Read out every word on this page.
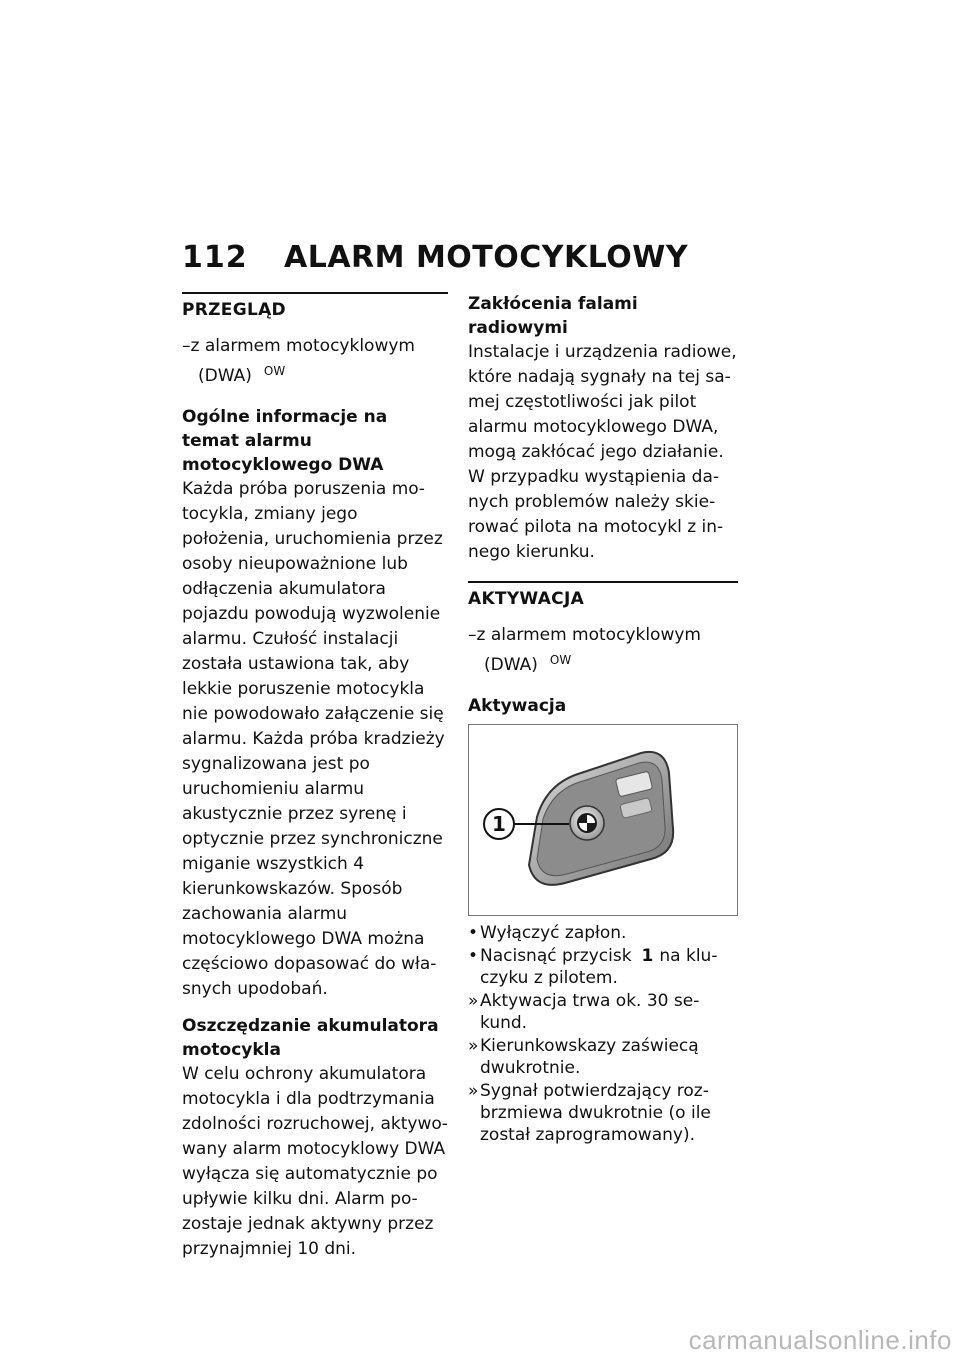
112 ALARM MOTOCYKLOWY
PRZEGLĄD

–z alarmem motocyklowym (DWA) $^{OW}$

Ogólne informacje na temat alarmu motocyklowego DWA

Każda próba poruszenia motocykla, zmiany jego położenia, uruchomienia przez osoby nieupoważnione lub odłączenia akumulatora pojazdu powodują wyzwolenie alarmu. Czułość instalacji została ustawiona tak, aby lekkie poruszenie motocykla nie powodowało załączenie się alarmu. Każda próba kradzieży sygnalizowana jest po uruchomieniu alarmu akustycznie przez syrenę i optycznie przez synchroniczne miganie wszystkich 4 kierunkowskazów. Sposób zachowania alarmu motocyklowego DWA można częściowo dopasować do własnych upodobań.

Oszczędzanie akumulatora motocykla

W celu ochrony akumulatora motocykla i dla podtrzymania zdolności rozruchowej, aktywowany alarm motocyklowy DWA wyłącza się automatycznie po upływie kilku dni. Alarm pozostaje jednak aktywny przez przynajmniej 10 dni.

Zakłócenia falami radiowymi

Instalacje i urządzenia radiowe, które nadają sygnały na tej samej częstotliwości jak pilot alarmu motocyklowego DWA, mogą zakłócać jego działanie. W przypadku wystąpienia danych problemów należy skierować pilota na motocykl z innego kierunku.

AKTYWACJA

–z alarmem motocyklowym (DWA) $^{OW}$

Aktywacja

1
• Wyłączyć zapłon.
• Nacisnąć przycisk 1 na kluczyku z pilotem.
»Aktywacja trwa ok. 30 sekund.
»Kierunkowskazy zaświecą dwukrotnie.
»Sygnał potwierdzający rozbrzmiewa dwukrotnie (o ile został zaprogramowany).
carmanualsonline.info
